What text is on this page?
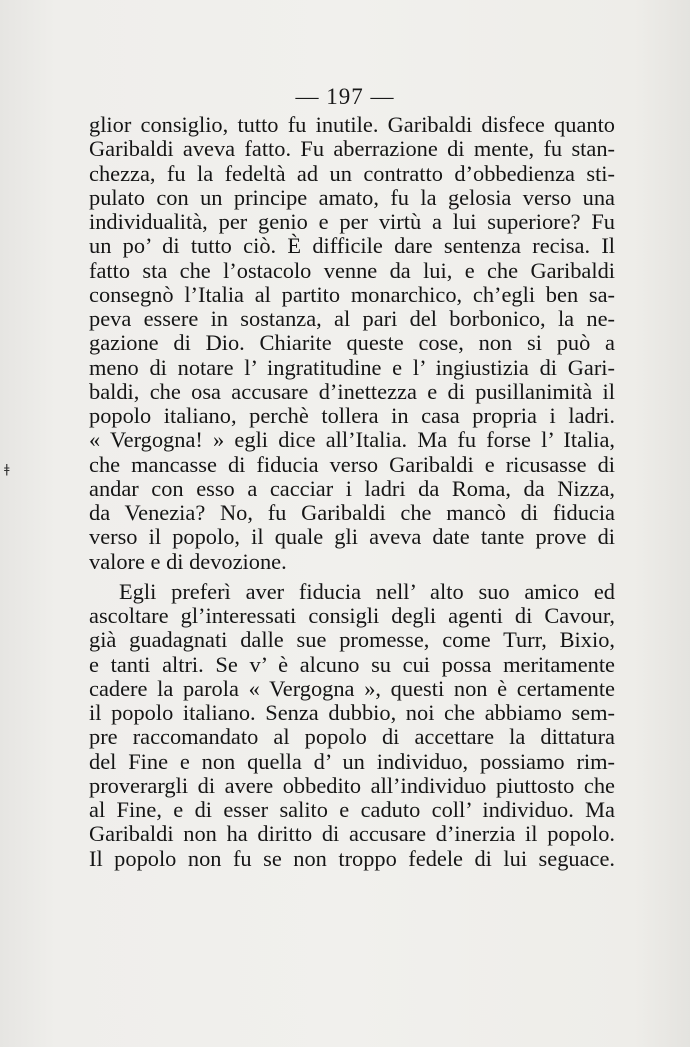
— 197 —
ǂ
glior consiglio, tutto fu inutile. Garibaldi disfece quanto
Garibaldi aveva fatto. Fu aberrazione di mente, fu stan-
chezza, fu la fedeltà ad un contratto d’obbedienza sti-
pulato con un principe amato, fu la gelosia verso una
individualità, per genio e per virtù a lui superiore? Fu
un po’ di tutto ciò. È difficile dare sentenza recisa. Il
fatto sta che l’ostacolo venne da lui, e che Garibaldi
consegnò l’Italia al partito monarchico, ch’egli ben sa-
peva essere in sostanza, al pari del borbonico, la ne-
gazione di Dio. Chiarite queste cose, non si può a
meno di notare l’ ingratitudine e l’ ingiustizia di Gari-
baldi, che osa accusare d’inettezza e di pusillanimità il
popolo italiano, perchè tollera in casa propria i ladri.
« Vergogna! » egli dice all’Italia. Ma fu forse l’ Italia,
che mancasse di fiducia verso Garibaldi e ricusasse di
andar con esso a cacciar i ladri da Roma, da Nizza,
da Venezia? No, fu Garibaldi che mancò di fiducia
verso il popolo, il quale gli aveva date tante prove di
valore e di devozione.
Egli preferì aver fiducia nell’ alto suo amico ed
ascoltare gl’interessati consigli degli agenti di Cavour,
già guadagnati dalle sue promesse, come Turr, Bixio,
e tanti altri. Se v’ è alcuno su cui possa meritamente
cadere la parola « Vergogna », questi non è certamente
il popolo italiano. Senza dubbio, noi che abbiamo sem-
pre raccomandato al popolo di accettare la dittatura
del Fine e non quella d’ un individuo, possiamo rim-
proverargli di avere obbedito all’individuo piuttosto che
al Fine, e di esser salito e caduto coll’ individuo. Ma
Garibaldi non ha diritto di accusare d’inerzia il popolo.
Il popolo non fu se non troppo fedele di lui seguace.
